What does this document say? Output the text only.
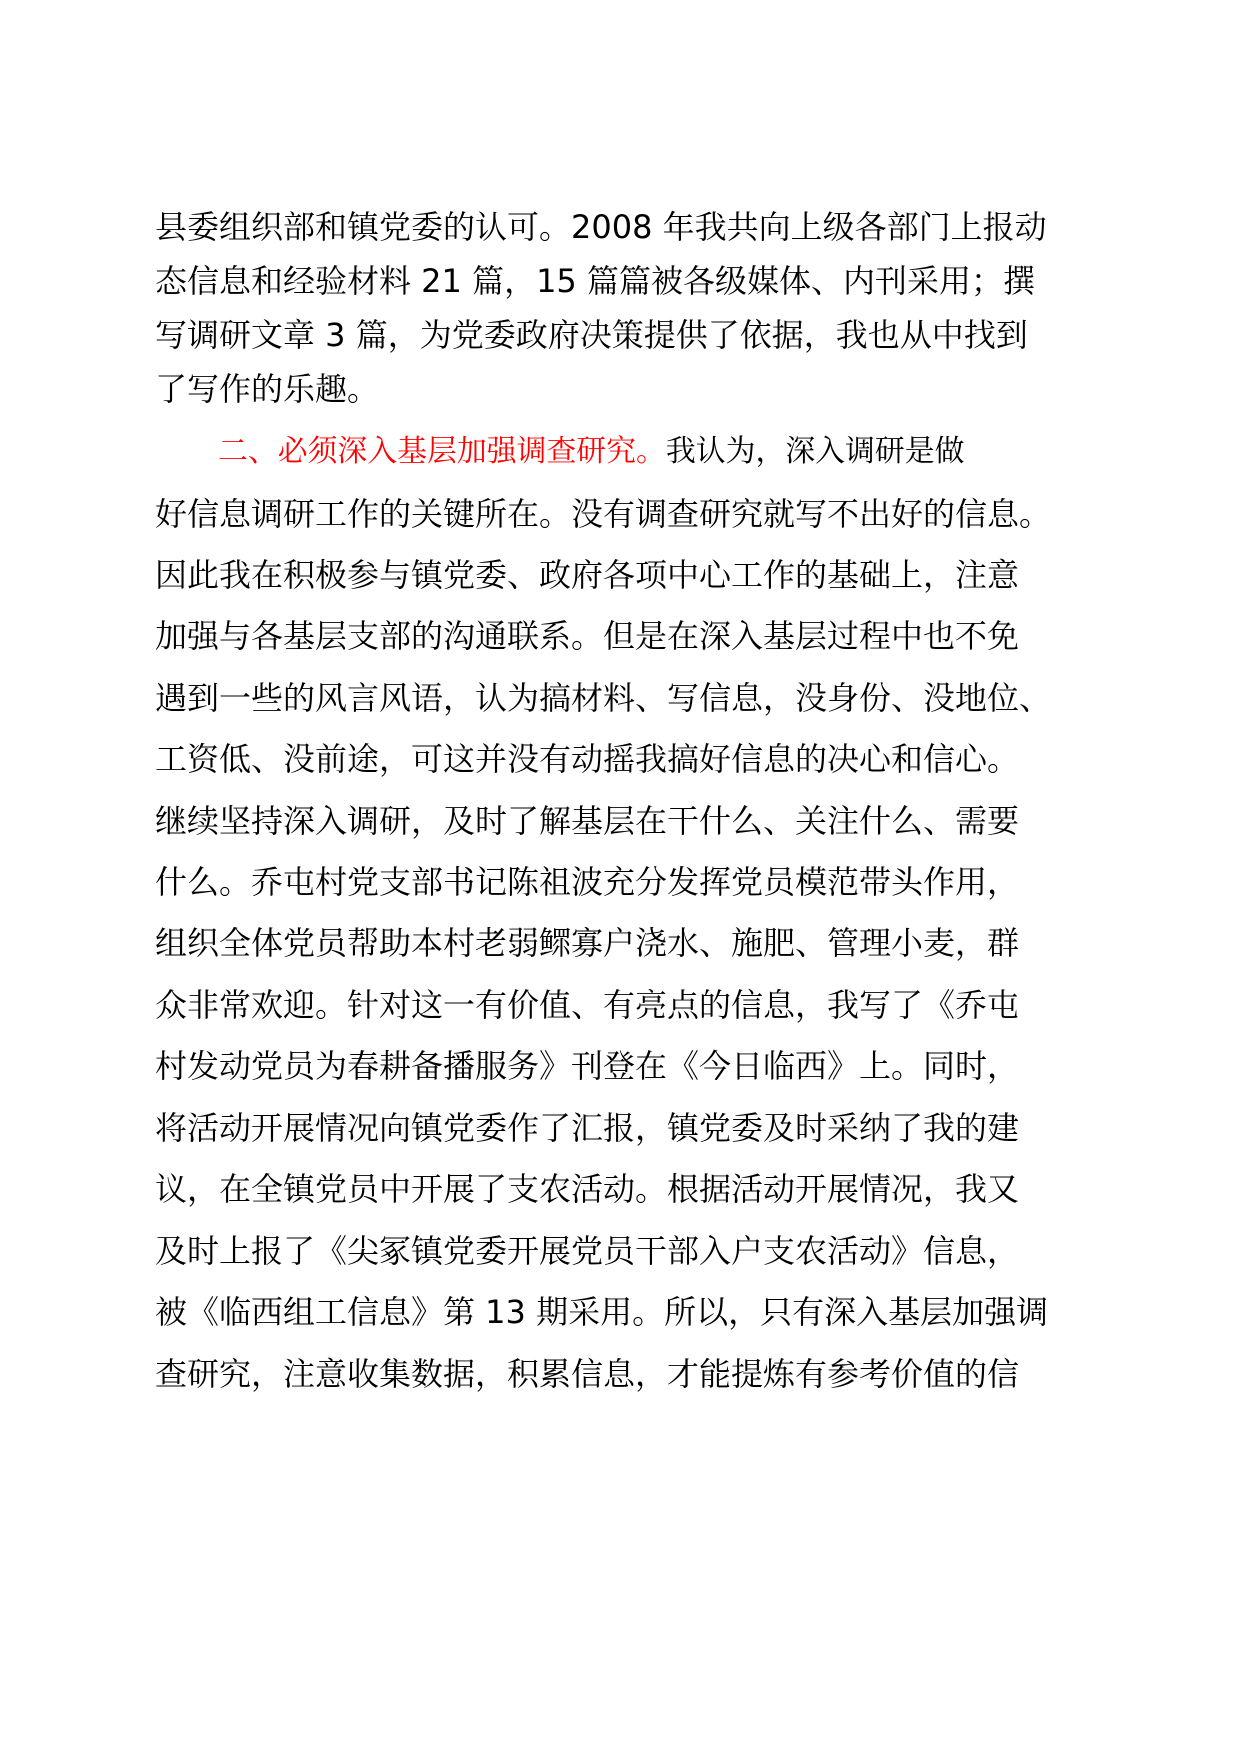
县委组织部和镇党委的认可。2008 年我共向上级各部门上报动
态信息和经验材料 21 篇，15 篇篇被各级媒体、内刊采用；撰
写调研文章 3 篇，为党委政府决策提供了依据，我也从中找到
了写作的乐趣。
二、必须深入基层加强调查研究。我认为，深入调研是做
好信息调研工作的关键所在。没有调查研究就写不出好的信息。
因此我在积极参与镇党委、政府各项中心工作的基础上，注意
加强与各基层支部的沟通联系。但是在深入基层过程中也不免
遇到一些的风言风语，认为搞材料、写信息，没身份、没地位、
工资低、没前途，可这并没有动摇我搞好信息的决心和信心。
继续坚持深入调研，及时了解基层在干什么、关注什么、需要
什么。乔屯村党支部书记陈祖波充分发挥党员模范带头作用，
组织全体党员帮助本村老弱鳏寡户浇水、施肥、管理小麦，群
众非常欢迎。针对这一有价值、有亮点的信息，我写了《乔屯
村发动党员为春耕备播服务》刊登在《今日临西》上。同时，
将活动开展情况向镇党委作了汇报，镇党委及时采纳了我的建
议，在全镇党员中开展了支农活动。根据活动开展情况，我又
及时上报了《尖冢镇党委开展党员干部入户支农活动》信息，
被《临西组工信息》第 13 期采用。所以，只有深入基层加强调
查研究，注意收集数据，积累信息，才能提炼有参考价值的信
